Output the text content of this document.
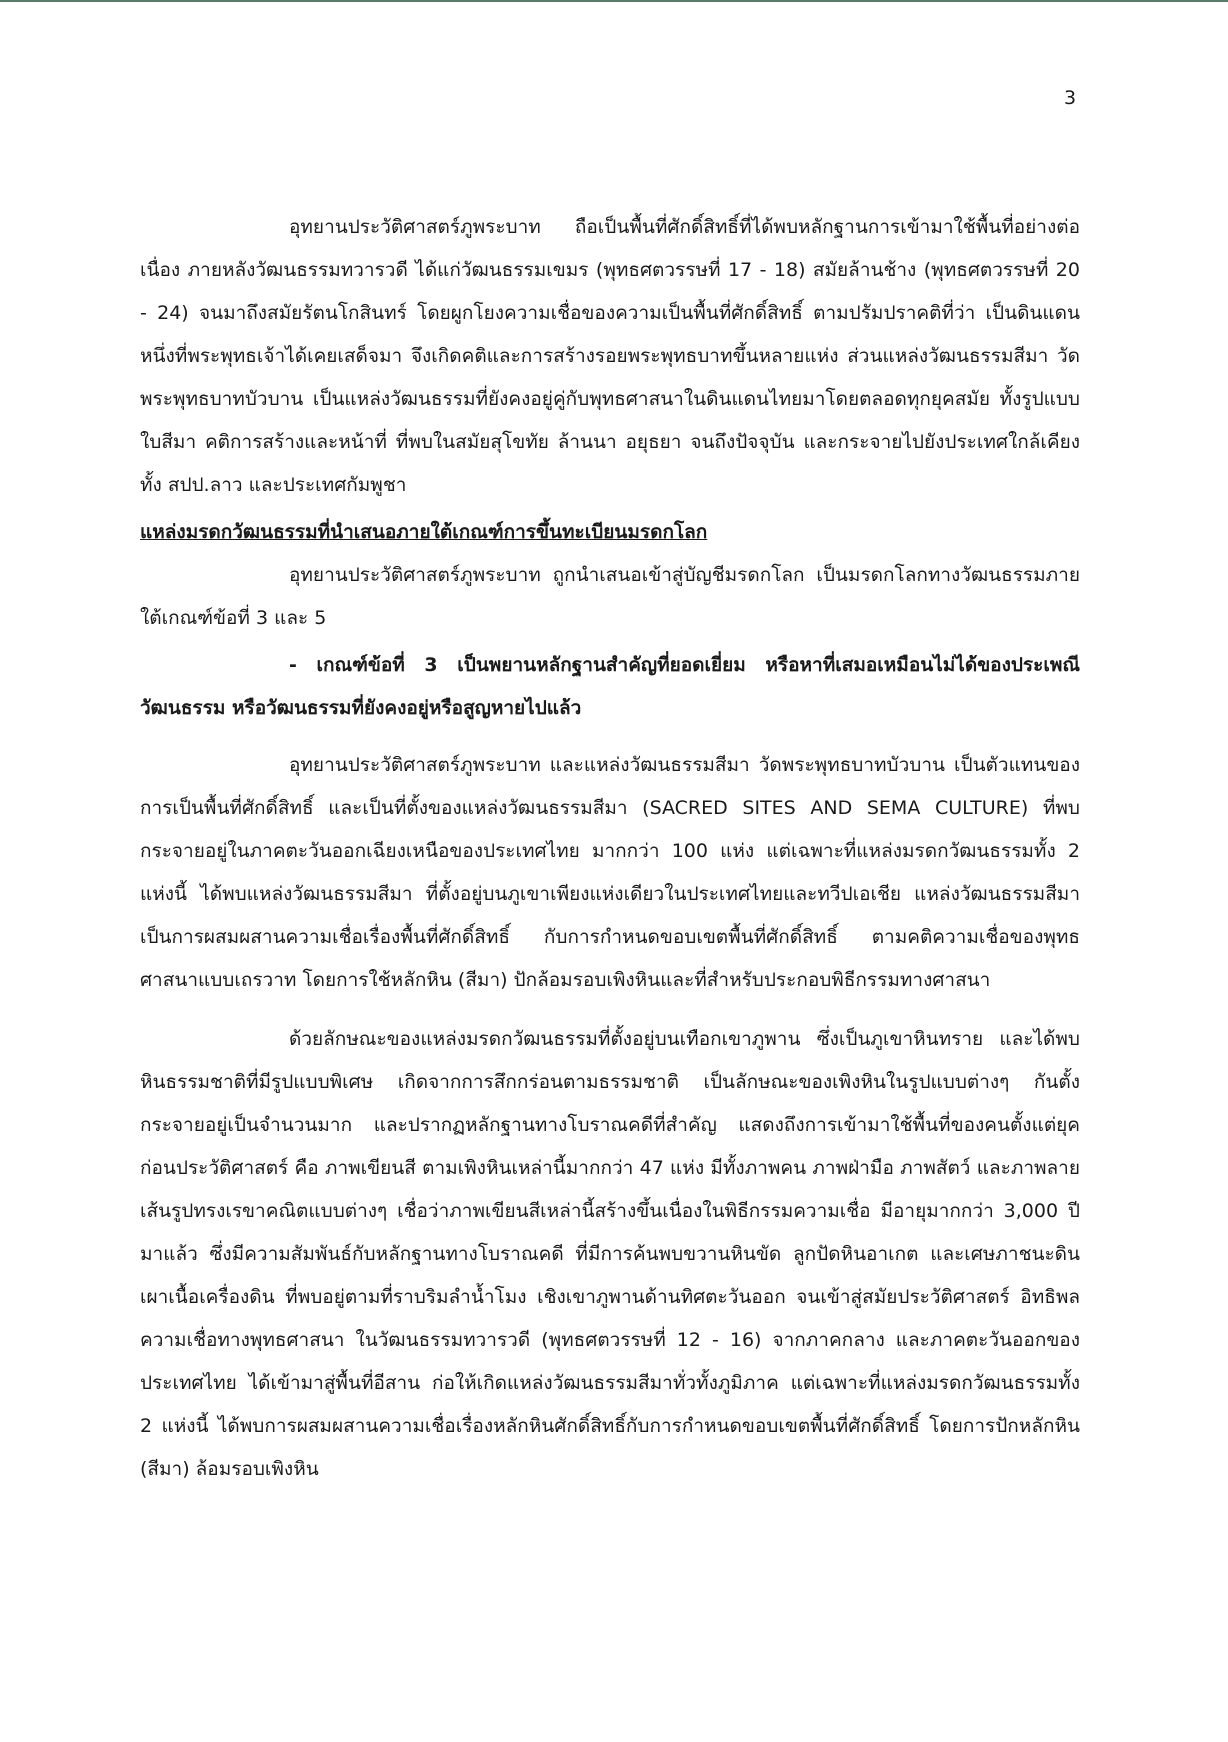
3

อุทยานประวัติศาสตร์ภูพระบาท ถือเป็นพื้นที่ศักดิ์สิทธิ์ที่ได้พบหลักฐานการเข้ามาใช้พื้นที่อย่างต่อเนื่อง ภายหลังวัฒนธรรมทวารวดี ได้แก่วัฒนธรรมเขมร (พุทธศตวรรษที่ 17 - 18) สมัยล้านช้าง (พุทธศตวรรษที่ 20 - 24) จนมาถึงสมัยรัตนโกสินทร์ โดยผูกโยงความเชื่อของความเป็นพื้นที่ศักดิ์สิทธิ์ ตามปรัมปราคติที่ว่า เป็นดินแดนหนึ่งที่พระพุทธเจ้าได้เคยเสด็จมา จึงเกิดคติและการสร้างรอยพระพุทธบาทขึ้นหลายแห่ง ส่วนแหล่งวัฒนธรรมสีมา วัดพระพุทธบาทบัวบาน เป็นแหล่งวัฒนธรรมที่ยังคงอยู่คู่กับพุทธศาสนาในดินแดนไทยมาโดยตลอดทุกยุคสมัย ทั้งรูปแบบใบสีมา คติการสร้างและหน้าที่ ที่พบในสมัยสุโขทัย ล้านนา อยุธยา จนถึงปัจจุบัน และกระจายไปยังประเทศใกล้เคียงทั้ง สปป.ลาว และประเทศกัมพูชา

แหล่งมรดกวัฒนธรรมที่นำเสนอภายใต้เกณฑ์การขึ้นทะเบียนมรดกโลก

อุทยานประวัติศาสตร์ภูพระบาท ถูกนำเสนอเข้าสู่บัญชีมรดกโลก เป็นมรดกโลกทางวัฒนธรรมภายใต้เกณฑ์ข้อที่ 3 และ 5

- เกณฑ์ข้อที่ 3 เป็นพยานหลักฐานสำคัญที่ยอดเยี่ยม หรือหาที่เสมอเหมือนไม่ได้ของประเพณีวัฒนธรรม หรือวัฒนธรรมที่ยังคงอยู่หรือสูญหายไปแล้ว

อุทยานประวัติศาสตร์ภูพระบาท และแหล่งวัฒนธรรมสีมา วัดพระพุทธบาทบัวบาน เป็นตัวแทนของการเป็นพื้นที่ศักดิ์สิทธิ์ และเป็นที่ตั้งของแหล่งวัฒนธรรมสีมา (SACRED SITES AND SEMA CULTURE) ที่พบกระจายอยู่ในภาคตะวันออกเฉียงเหนือของประเทศไทย มากกว่า 100 แห่ง แต่เฉพาะที่แหล่งมรดกวัฒนธรรมทั้ง 2 แห่งนี้ ได้พบแหล่งวัฒนธรรมสีมา ที่ตั้งอยู่บนภูเขาเพียงแห่งเดียวในประเทศไทยและทวีปเอเชีย แหล่งวัฒนธรรมสีมาเป็นการผสมผสานความเชื่อเรื่องพื้นที่ศักดิ์สิทธิ์ กับการกำหนดขอบเขตพื้นที่ศักดิ์สิทธิ์ ตามคติความเชื่อของพุทธศาสนาแบบเถรวาท โดยการใช้หลักหิน (สีมา) ปักล้อมรอบเพิงหินและที่สำหรับประกอบพิธีกรรมทางศาสนา

ด้วยลักษณะของแหล่งมรดกวัฒนธรรมที่ตั้งอยู่บนเทือกเขาภูพาน ซึ่งเป็นภูเขาหินทราย และได้พบหินธรรมชาติที่มีรูปแบบพิเศษ เกิดจากการสึกกร่อนตามธรรมชาติ เป็นลักษณะของเพิงหินในรูปแบบต่างๆ กันตั้งกระจายอยู่เป็นจำนวนมาก และปรากฏหลักฐานทางโบราณคดีที่สำคัญ แสดงถึงการเข้ามาใช้พื้นที่ของคนตั้งแต่ยุคก่อนประวัติศาสตร์ คือ ภาพเขียนสี ตามเพิงหินเหล่านี้มากกว่า 47 แห่ง มีทั้งภาพคน ภาพฝ่ามือ ภาพสัตว์ และภาพลายเส้นรูปทรงเรขาคณิตแบบต่างๆ เชื่อว่าภาพเขียนสีเหล่านี้สร้างขึ้นเนื่องในพิธีกรรมความเชื่อ มีอายุมากกว่า 3,000 ปีมาแล้ว ซึ่งมีความสัมพันธ์กับหลักฐานทางโบราณคดี ที่มีการค้นพบขวานหินขัด ลูกปัดหินอาเกต และเศษภาชนะดินเผาเนื้อเครื่องดิน ที่พบอยู่ตามที่ราบริมลำน้ำโมง เชิงเขาภูพานด้านทิศตะวันออก จนเข้าสู่สมัยประวัติศาสตร์ อิทธิพลความเชื่อทางพุทธศาสนา ในวัฒนธรรมทวารวดี (พุทธศตวรรษที่ 12 - 16) จากภาคกลาง และภาคตะวันออกของประเทศไทย ได้เข้ามาสู่พื้นที่อีสาน ก่อให้เกิดแหล่งวัฒนธรรมสีมาทั่วทั้งภูมิภาค แต่เฉพาะที่แหล่งมรดกวัฒนธรรมทั้ง 2 แห่งนี้ ได้พบการผสมผสานความเชื่อเรื่องหลักหินศักดิ์สิทธิ์กับการกำหนดขอบเขตพื้นที่ศักดิ์สิทธิ์ โดยการปักหลักหิน (สีมา) ล้อมรอบเพิงหิน
